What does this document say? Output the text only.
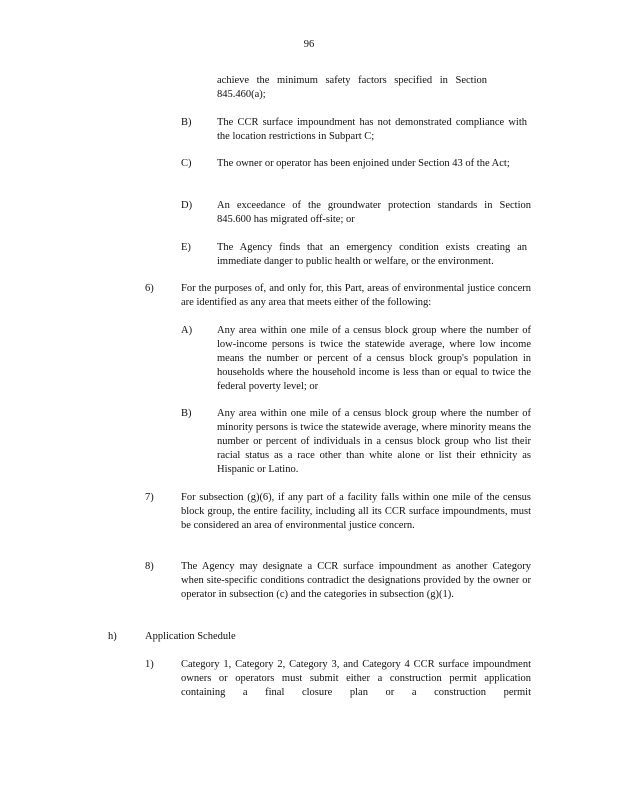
96
achieve the minimum safety factors specified in Section 845.460(a);
B) The CCR surface impoundment has not demonstrated compliance with the location restrictions in Subpart C;
C) The owner or operator has been enjoined under Section 43 of the Act;
D) An exceedance of the groundwater protection standards in Section 845.600 has migrated off-site; or
E) The Agency finds that an emergency condition exists creating an immediate danger to public health or welfare, or the environment.
6)	For the purposes of, and only for, this Part, areas of environmental justice concern are identified as any area that meets either of the following:
A) Any area within one mile of a census block group where the number of low-income persons is twice the statewide average, where low income means the number or percent of a census block group's population in households where the household income is less than or equal to twice the federal poverty level; or
B) Any area within one mile of a census block group where the number of minority persons is twice the statewide average, where minority means the number or percent of individuals in a census block group who list their racial status as a race other than white alone or list their ethnicity as Hispanic or Latino.
7)	For subsection (g)(6), if any part of a facility falls within one mile of the census block group, the entire facility, including all its CCR surface impoundments, must be considered an area of environmental justice concern.
8)	The Agency may designate a CCR surface impoundment as another Category when site-specific conditions contradict the designations provided by the owner or operator in subsection (c) and the categories in subsection (g)(1).
h)	Application Schedule
1)	Category 1, Category 2, Category 3, and Category 4 CCR surface impoundment owners or operators must submit either a construction permit application containing a final closure plan or a construction permit
